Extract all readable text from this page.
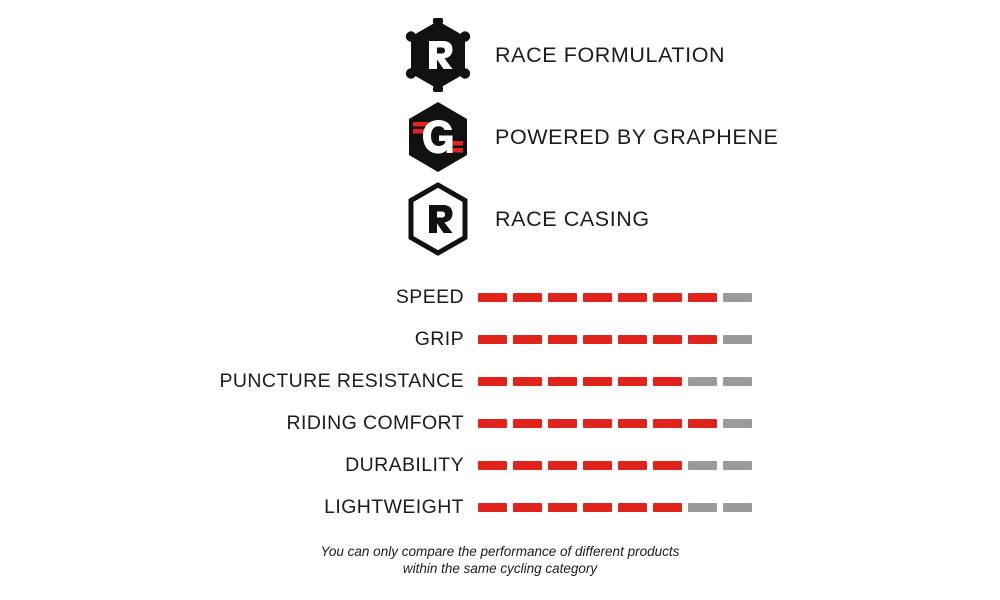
RACE FORMULATION
POWERED BY GRAPHENE
RACE CASING
SPEED
GRIP
PUNCTURE RESISTANCE
RIDING COMFORT
DURABILITY
LIGHTWEIGHT
You can only compare the performance of different products
within the same cycling category
